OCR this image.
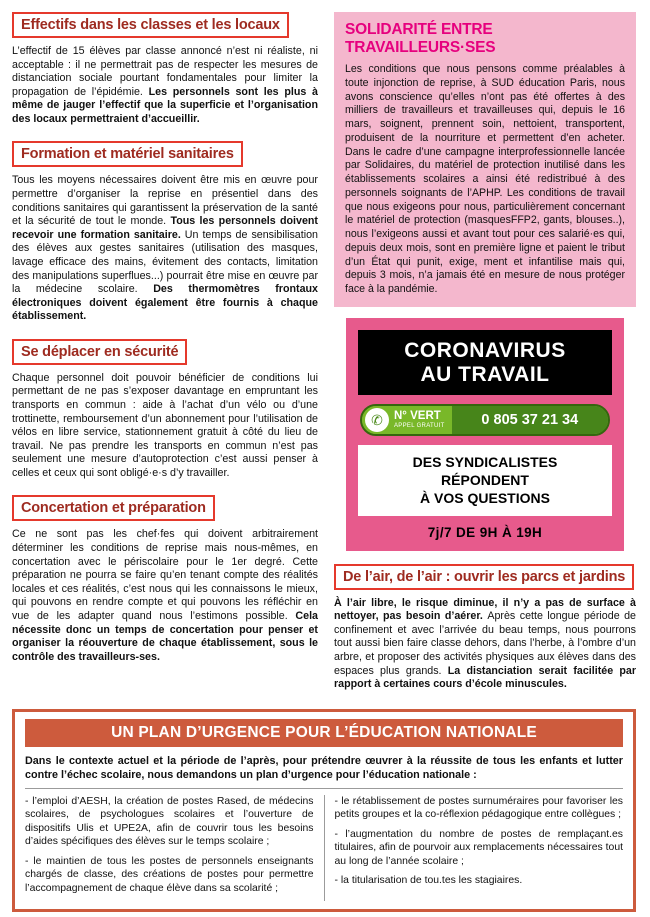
Effectifs dans les classes et les locaux

L’effectif de 15 élèves par classe annoncé n’est ni réaliste, ni acceptable : il ne permettrait pas de respecter les mesures de distanciation sociale pourtant fondamentales pour limiter la propagation de l’épidémie. Les personnels sont les plus à même de jauger l’effectif que la superficie et l’organisation des locaux permettraient d’accueillir.

Formation et matériel sanitaires

Tous les moyens nécessaires doivent être mis en œuvre pour permettre d’organiser la reprise en présentiel dans des conditions sanitaires qui garantissent la préservation de la santé et la sécurité de tout le monde. Tous les personnels doivent recevoir une formation sanitaire. Un temps de sensibilisation des élèves aux gestes sanitaires (utilisation des masques, lavage efficace des mains, évitement des contacts, limitation des manipulations superflues...) pourrait être mise en œuvre par la médecine scolaire. Des thermomètres frontaux électroniques doivent également être fournis à chaque établissement.

Se déplacer en sécurité

Chaque personnel doit pouvoir bénéficier de conditions lui permettant de ne pas s’exposer davantage en empruntant les transports en commun : aide à l’achat d’un vélo ou d’une trottinette, remboursement d’un abonnement pour l’utilisation de vélos en libre service, stationnement gratuit à côté du lieu de travail. Ne pas prendre les transports en commun n’est pas seulement une mesure d’autoprotection c’est aussi penser à celles et ceux qui sont obligé·e·s d’y travailler.

Concertation et préparation

Ce ne sont pas les chef·fes qui doivent arbitrairement déterminer les conditions de reprise mais nous-mêmes, en concertation avec le périscolaire pour le 1er degré. Cette préparation ne pourra se faire qu’en tenant compte des réalités locales et ces réalités, c’est nous qui les connaissons le mieux, qui pouvons en rendre compte et qui pouvons les réfléchir en vue de les adapter quand nous l’estimons possible. Cela nécessite donc un temps de concertation pour penser et organiser la réouverture de chaque établissement, sous le contrôle des travailleurs-ses.

SOLIDARITÉ ENTRE TRAVAILLEURS·SES

Les conditions que nous pensons comme préalables à toute injonction de reprise, à SUD éducation Paris, nous avons conscience qu’elles n’ont pas été offertes à des milliers de travailleurs et travailleuses qui, depuis le 16 mars, soignent, prennent soin, nettoient, transportent, produisent de la nourriture et permettent d’en acheter. Dans le cadre d’une campagne interprofessionnelle lancée par Solidaires, du matériel de protection inutilisé dans les établissements scolaires a ainsi été redistribué à des personnels soignants de l’APHP. Les conditions de travail que nous exigeons pour nous, particulièrement concernant le matériel de protection (masquesFFP2, gants, blouses..), nous l’exigeons aussi et avant tout pour ces salarié·es qui, depuis deux mois, sont en première ligne et paient le tribut d’un État qui punit, exige, ment et infantilise mais qui, depuis 3 mois, n’a jamais été en mesure de nous protéger face à la pandémie.

CORONAVIRUS
AU TRAVAIL
✆ N° VERT
APPEL GRATUIT	0 805 37 21 34
DES SYNDICALISTES
RÉPONDENT
À VOS QUESTIONS
7j/7 DE 9H À 19H
De l’air, de l’air : ouvrir les parcs et jardins

À l’air libre, le risque diminue, il n’y a pas de surface à nettoyer, pas besoin d’aérer. Après cette longue période de confinement et avec l’arrivée du beau temps, nous pourrons tout aussi bien faire classe dehors, dans l’herbe, à l’ombre d’un arbre, et proposer des activités physiques aux élèves dans des espaces plus grands. La distanciation serait facilitée par rapport à certaines cours d’école minuscules.

UN PLAN D’URGENCE POUR L’ÉDUCATION NATIONALE

Dans le contexte actuel et la période de l’après, pour prétendre œuvrer à la réussite de tous les enfants et lutter contre l’échec scolaire, nous demandons un plan d’urgence pour l’éducation nationale :

- l’emploi d’AESH, la création de postes Rased, de médecins scolaires, de psychologues scolaires et l’ouverture de dispositifs Ulis et UPE2A, afin de couvrir tous les besoins d’aides spécifiques des élèves sur le temps scolaire ;
- le maintien de tous les postes de personnels enseignants chargés de classe, des créations de postes pour permettre l’accompagnement de chaque élève dans sa scolarité ;
- le rétablissement de postes surnuméraires pour favoriser les petits groupes et la co-réflexion pédagogique entre collègues ;
- l’augmentation du nombre de postes de remplaçant.es titulaires, afin de pourvoir aux remplacements nécessaires tout au long de l’année scolaire ;
- la titularisation de tou.tes les stagiaires.
